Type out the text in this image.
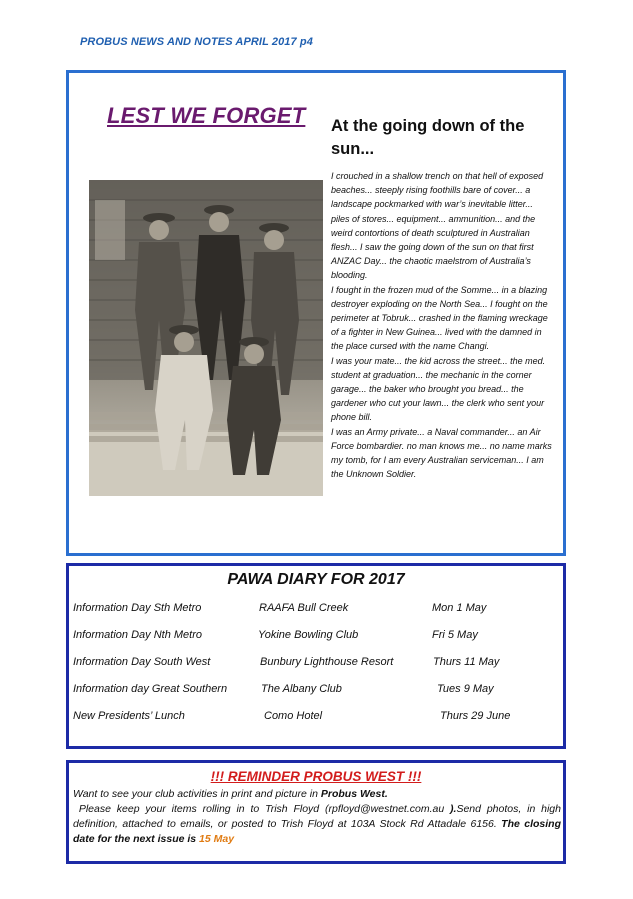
PROBUS NEWS AND NOTES APRIL 2017 p4
LEST WE FORGET At the going down of the sun...

I crouched in a shallow trench on that hell of exposed beaches... steeply rising foothills bare of cover... a landscape pockmarked with war’s inevitable litter... piles of stores... equipment... ammunition... and the weird contortions of death sculptured in Australian flesh... I saw the going down of the sun on that first ANZAC Day... the chaotic maelstrom of Australia’s blooding.

I fought in the frozen mud of the Somme... in a blazing destroyer exploding on the North Sea... I fought on the perimeter at Tobruk... crashed in the flaming wreckage of a fighter in New Guinea... lived with the damned in the place cursed with the name Changi.

I was your mate... the kid across the street... the med. student at graduation... the mechanic in the corner garage... the baker who brought you bread... the gardener who cut your lawn... the clerk who sent your phone bill.

I was an Army private... a Naval commander... an Air Force bombardier. no man knows me... no name marks my tomb, for I am every Australian serviceman... I am the Unknown Soldier.

PAWA DIARY FOR 2017
Information Day Sth Metro	RAAFA Bull Creek	Mon 1 May
Information Day Nth Metro	Yokine Bowling Club	Fri 5 May
Information Day South West	Bunbury Lighthouse Resort	Thurs 11 May
Information day Great Southern	The Albany Club	Tues 9 May
New Presidents’ Lunch	Como Hotel	Thurs 29 June
!!! REMINDER PROBUS WEST !!!

Want to see your club activities in print and picture in Probus West.

Please keep your items rolling in to Trish Floyd (rpfloyd@westnet.com.au ).Send photos, in high definition, attached to emails, or posted to Trish Floyd at 103A Stock Rd Attadale 6156. The closing date for the next issue is 15 May
